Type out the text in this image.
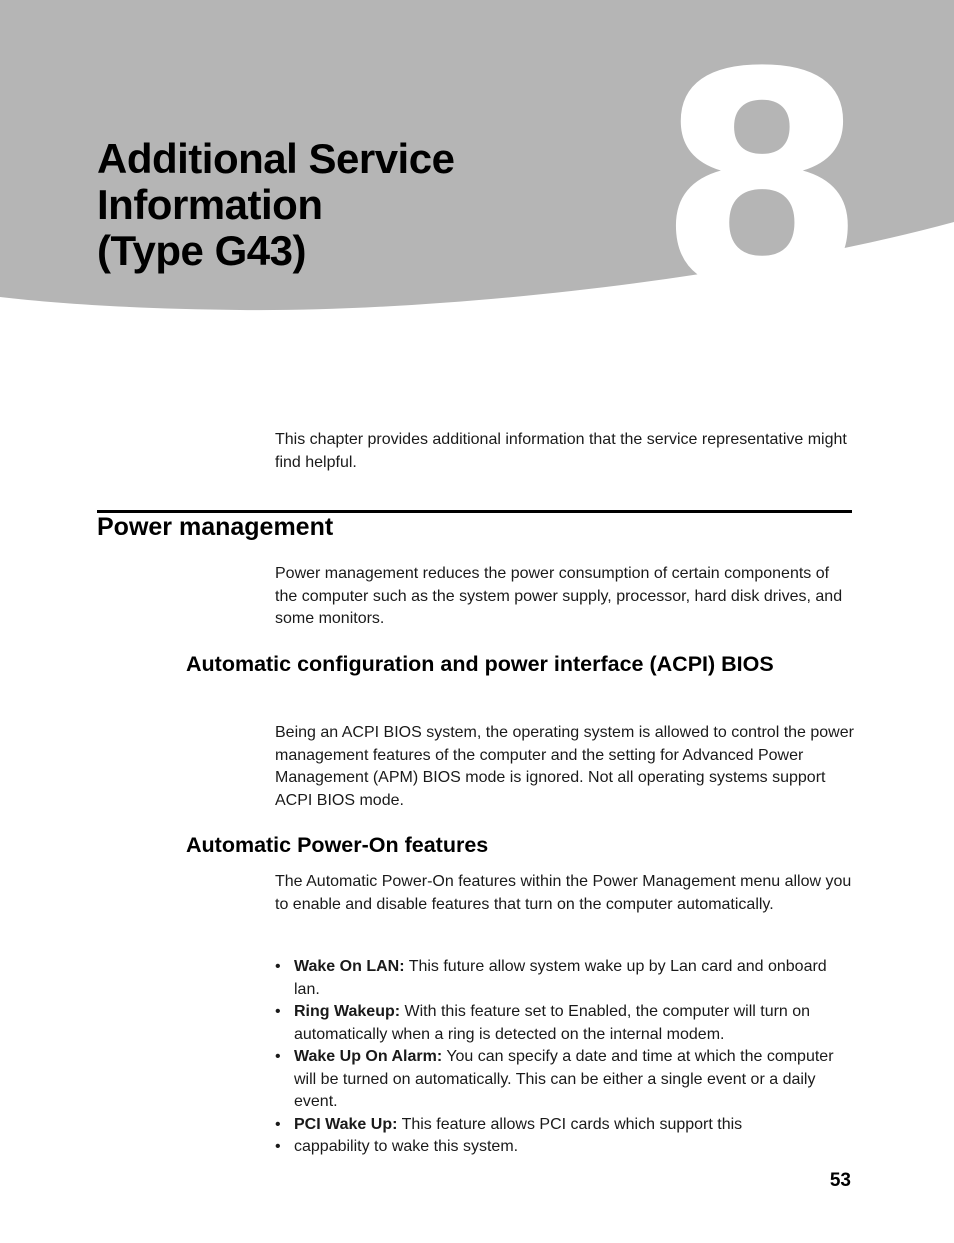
8
Additional Service
Information
(Type G43)

This chapter provides additional information that the service representative might find helpful.

Power management

Power management reduces the power consumption of certain components of the computer such as the system power supply, processor, hard disk drives, and some monitors.

Automatic configuration and power interface (ACPI) BIOS

Being an ACPI BIOS system, the operating system is allowed to control the power management features of the computer and the setting for Advanced Power Management (APM) BIOS mode is ignored. Not all operating systems support ACPI BIOS mode.

Automatic Power-On features

The Automatic Power-On features within the Power Management menu allow you to enable and disable features that turn on the computer automatically.

• Wake On LAN: This future allow system wake up by Lan card and onboard lan.
• Ring Wakeup: With this feature set to Enabled, the computer will turn on automatically when a ring is detected on the internal modem.
• Wake Up On Alarm: You can specify a date and time at which the computer will be turned on automatically. This can be either a single event or a daily event.
• PCI Wake Up: This feature allows PCI cards which support this
• cappability to wake this system.
53
